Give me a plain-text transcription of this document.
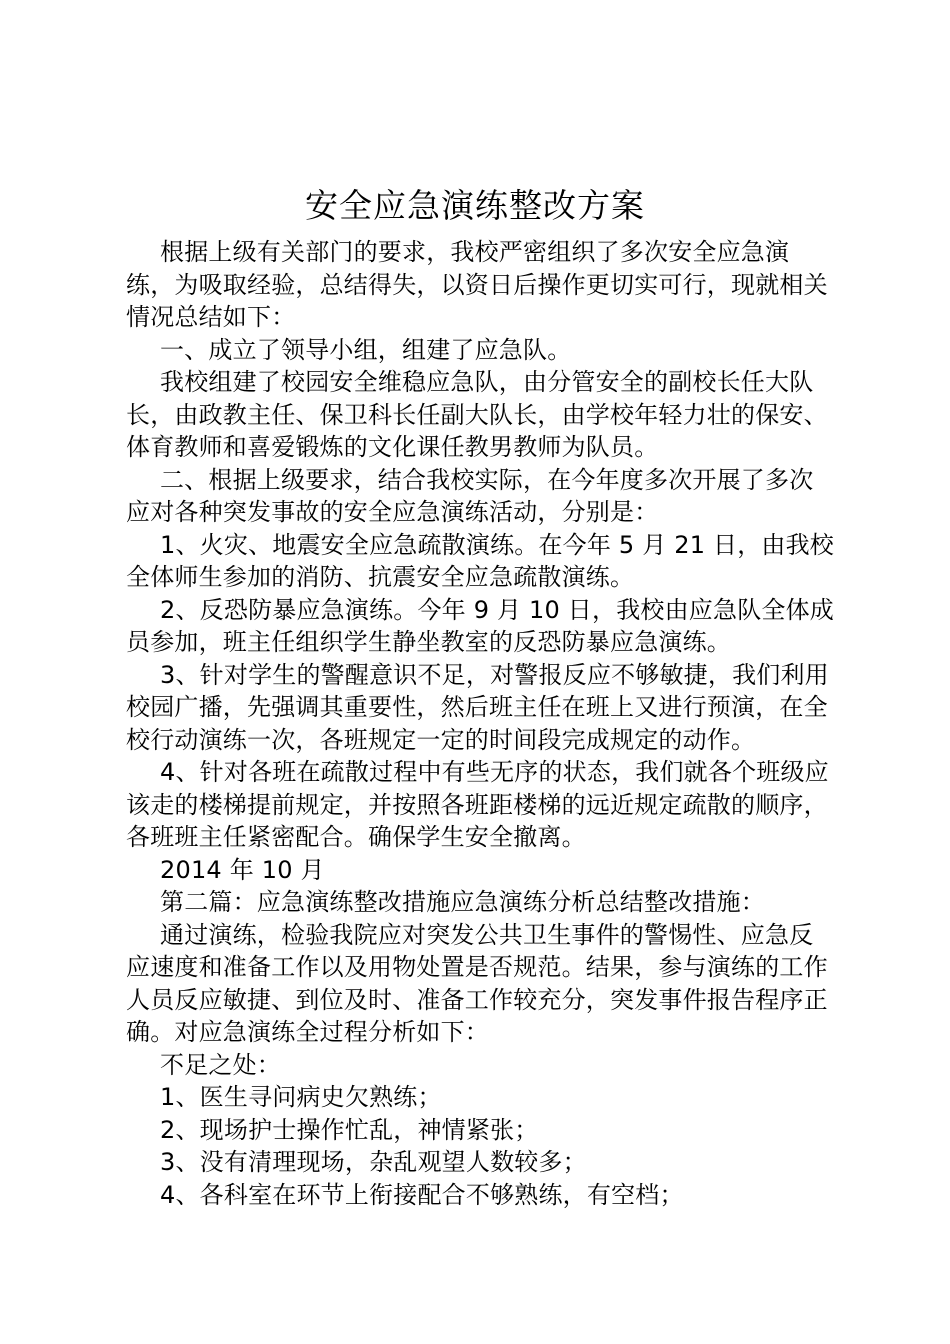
安全应急演练整改方案

根据上级有关部门的要求，我校严密组织了多次安全应急演练，为吸取经验，总结得失，以资日后操作更切实可行，现就相关情况总结如下：

一、成立了领导小组，组建了应急队。

我校组建了校园安全维稳应急队，由分管安全的副校长任大队长，由政教主任、保卫科长任副大队长，由学校年轻力壮的保安、体育教师和喜爱锻炼的文化课任教男教师为队员。

二、根据上级要求，结合我校实际，在今年度多次开展了多次应对各种突发事故的安全应急演练活动，分别是：

1、火灾、地震安全应急疏散演练。在今年 5 月 21 日，由我校全体师生参加的消防、抗震安全应急疏散演练。

2、反恐防暴应急演练。今年 9 月 10 日，我校由应急队全体成员参加，班主任组织学生静坐教室的反恐防暴应急演练。

3、针对学生的警醒意识不足，对警报反应不够敏捷，我们利用校园广播，先强调其重要性，然后班主任在班上又进行预演，在全校行动演练一次，各班规定一定的时间段完成规定的动作。

4、针对各班在疏散过程中有些无序的状态，我们就各个班级应该走的楼梯提前规定，并按照各班距楼梯的远近规定疏散的顺序，各班班主任紧密配合。确保学生安全撤离。

2014 年 10 月

第二篇：应急演练整改措施应急演练分析总结整改措施：

通过演练，检验我院应对突发公共卫生事件的警惕性、应急反应速度和准备工作以及用物处置是否规范。结果，参与演练的工作人员反应敏捷、到位及时、准备工作较充分，突发事件报告程序正确。对应急演练全过程分析如下：

不足之处：

1、医生寻问病史欠熟练；

2、现场护士操作忙乱，神情紧张；

3、没有清理现场，杂乱观望人数较多；

4、各科室在环节上衔接配合不够熟练，有空档；
